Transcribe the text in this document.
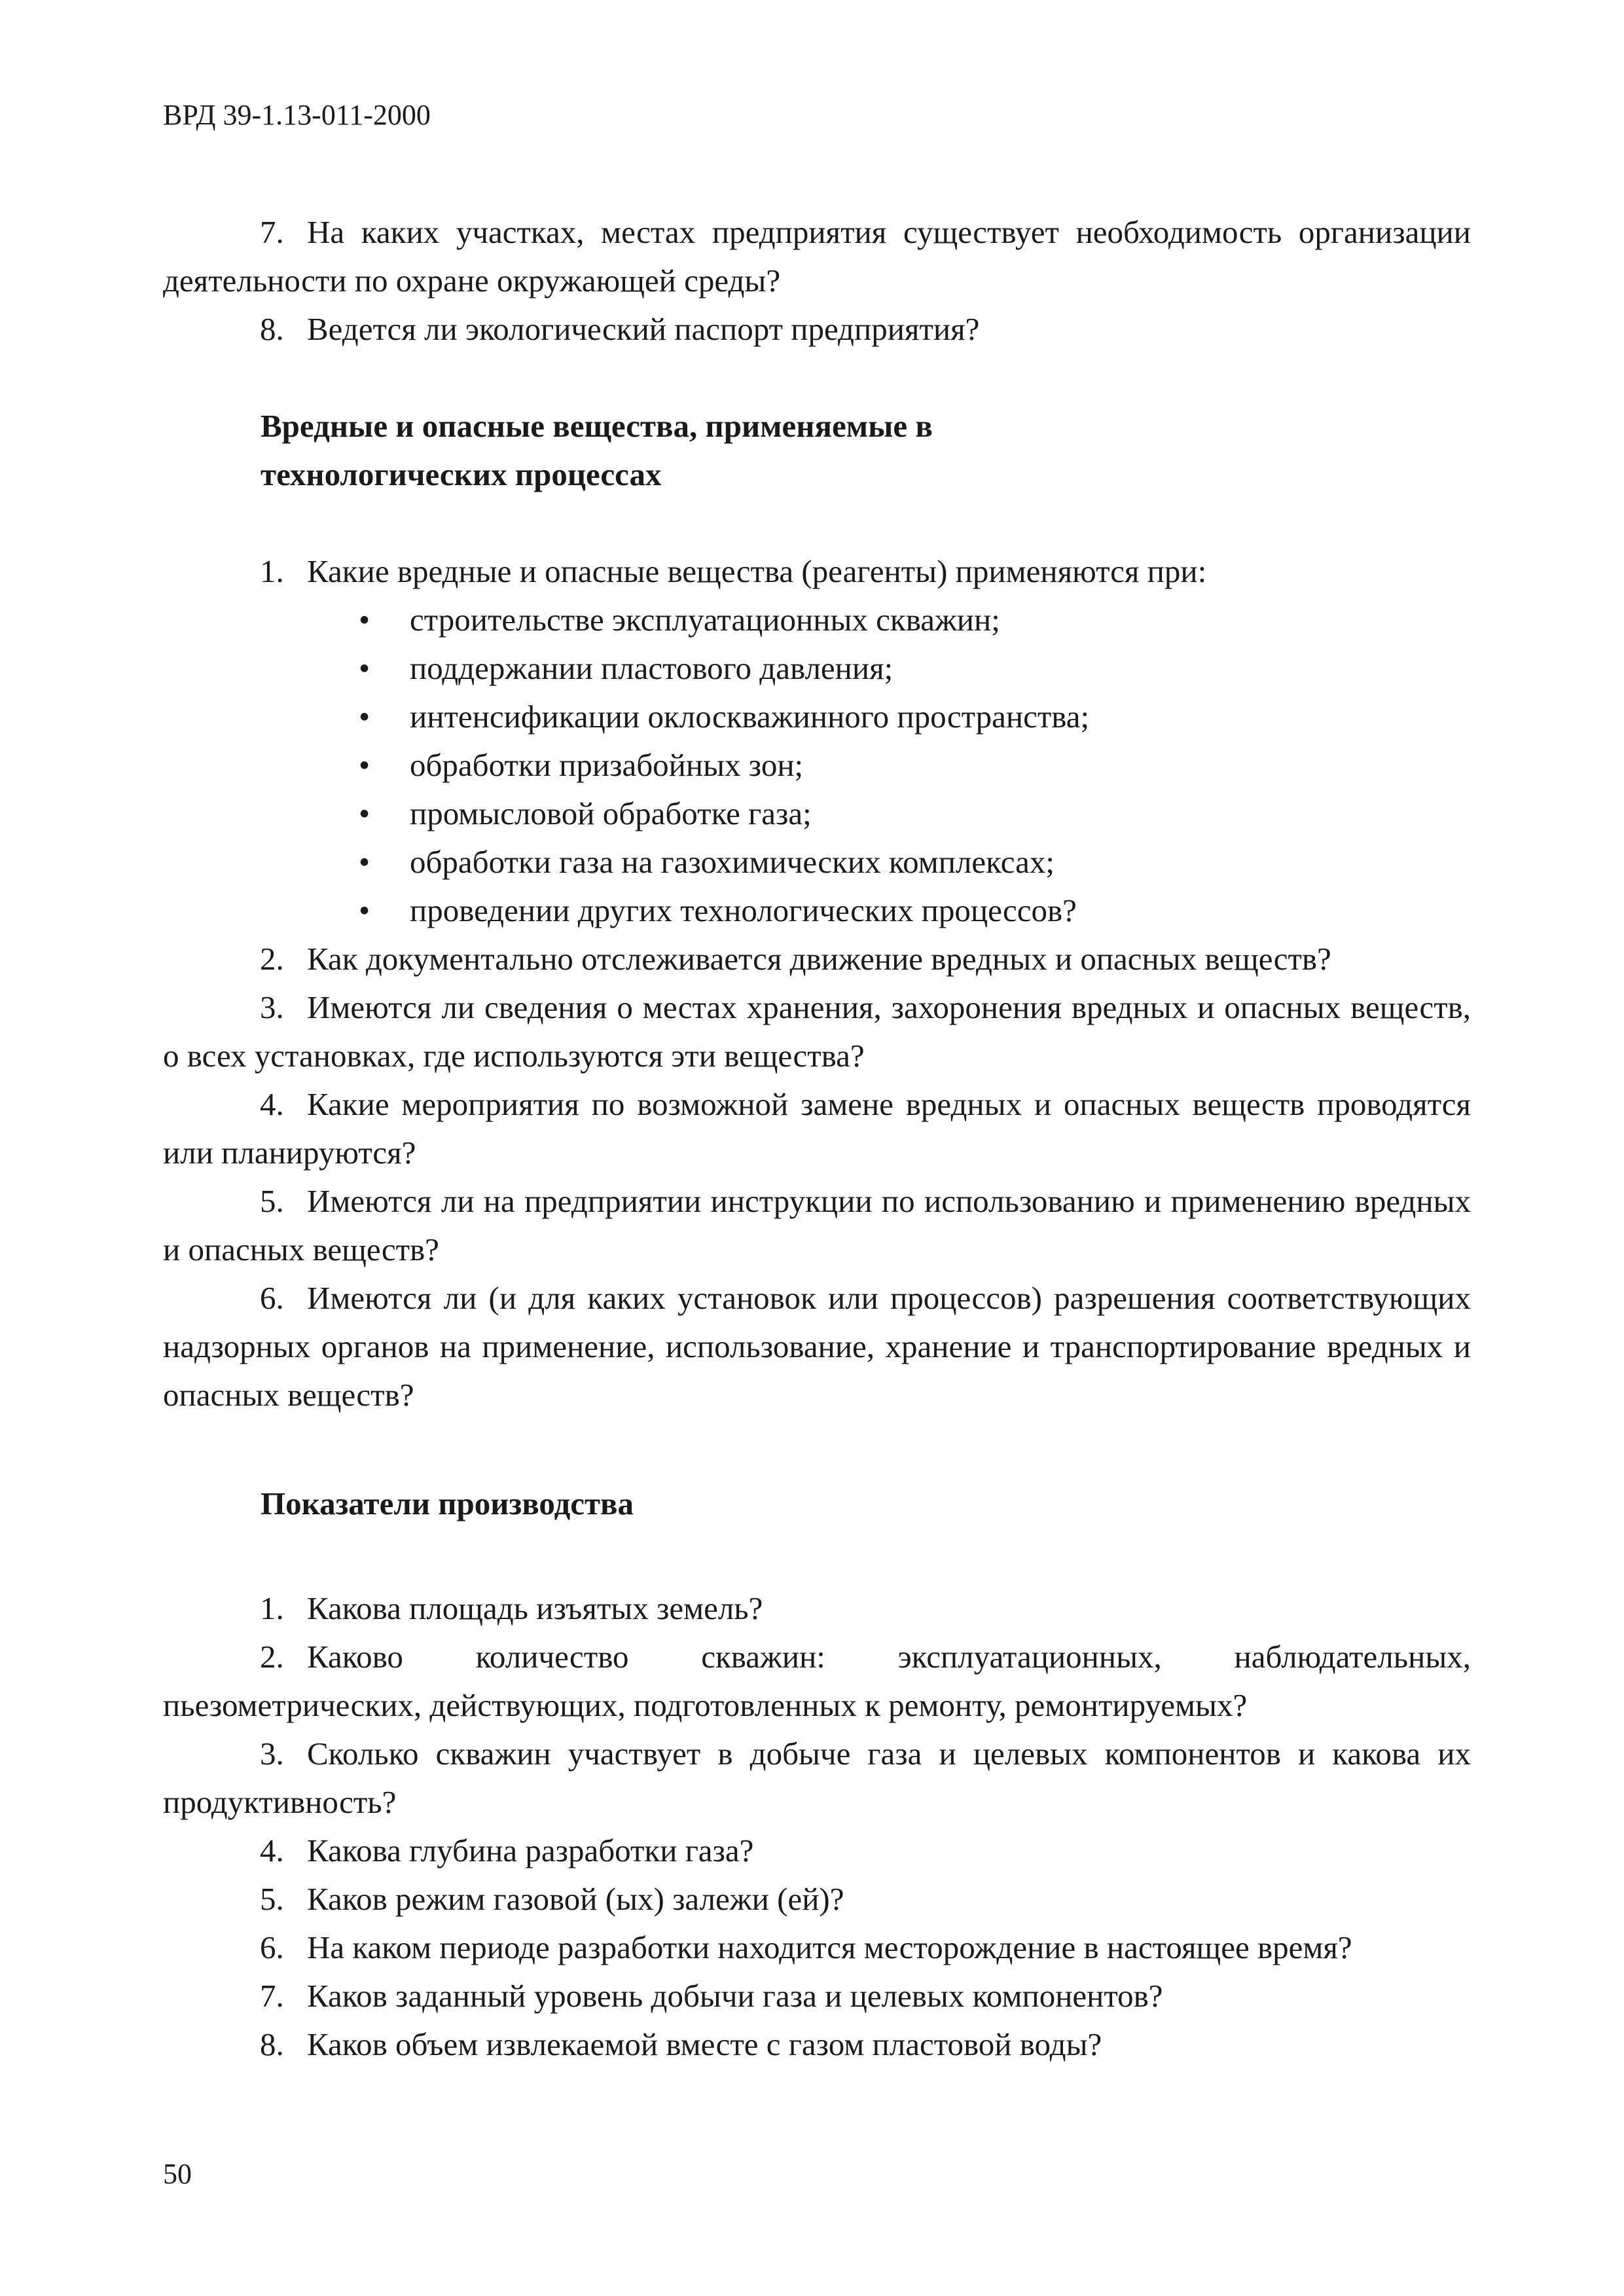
ВРД 39-1.13-011-2000
7. На каких участках, местах предприятия существует необходимость организации деятельности по охране окружающей среды?
8. Ведется ли экологический паспорт предприятия?
Вредные и опасные вещества, применяемые в
технологических процессах
1. Какие вредные и опасные вещества (реагенты) применяются при:
• строительстве эксплуатационных скважин;
• поддержании пластового давления;
• интенсификации оклоскважинного пространства;
• обработки призабойных зон;
• промысловой обработке газа;
• обработки газа на газохимических комплексах;
• проведении других технологических процессов?
2. Как документально отслеживается движение вредных и опасных веществ?
3. Имеются ли сведения о местах хранения, захоронения вредных и опасных веществ, о всех установках, где используются эти вещества?
4. Какие мероприятия по возможной замене вредных и опасных веществ проводятся или планируются?
5. Имеются ли на предприятии инструкции по использованию и применению вредных и опасных веществ?
6. Имеются ли (и для каких установок или процессов) разрешения соответствующих надзорных органов на применение, использование, хранение и транспортирование вредных и опасных веществ?
Показатели производства
1. Какова площадь изъятых земель?
2. Каково количество скважин: эксплуатационных, наблюдательных, пьезометрических, действующих, подготовленных к ремонту, ремонтируемых?
3. Сколько скважин участвует в добыче газа и целевых компонентов и какова их продуктивность?
4. Какова глубина разработки газа?
5. Каков режим газовой (ых) залежи (ей)?
6. На каком периоде разработки находится месторождение в настоящее время?
7. Каков заданный уровень добычи газа и целевых компонентов?
8. Каков объем извлекаемой вместе с газом пластовой воды?
50
